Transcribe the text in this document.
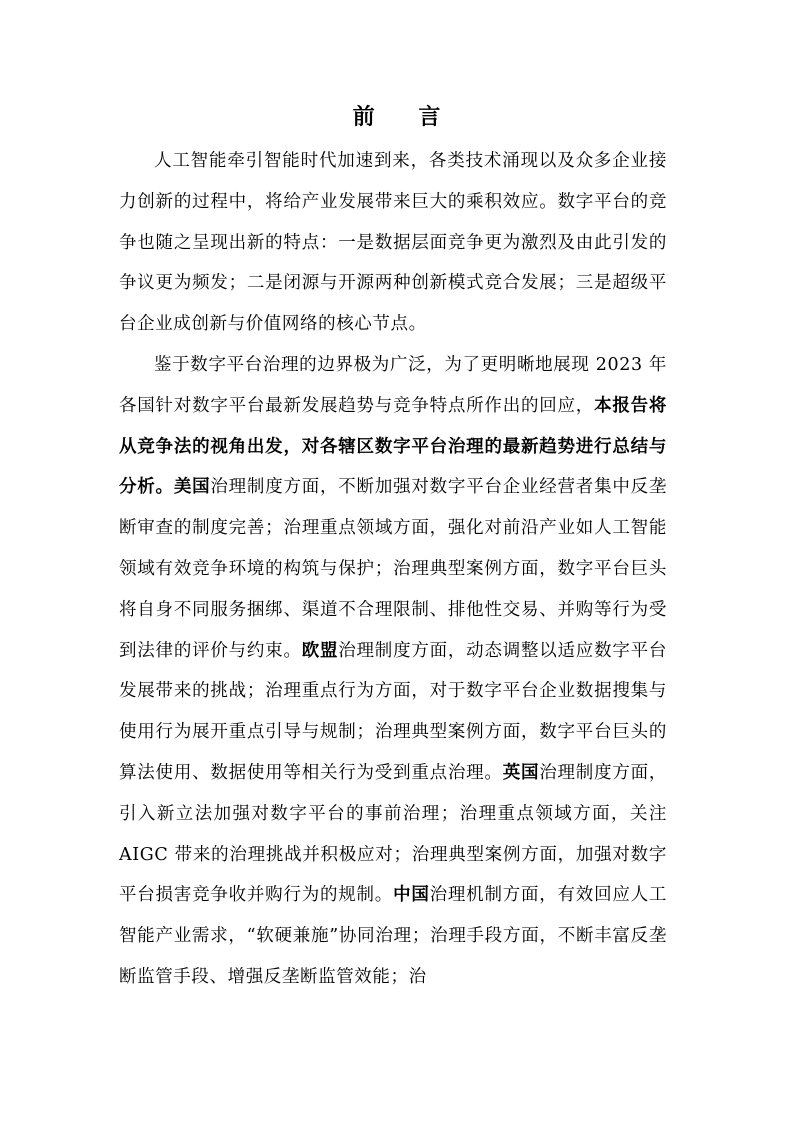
前 言

人工智能牵引智能时代加速到来，各类技术涌现以及众多企业接力创新的过程中，将给产业发展带来巨大的乘积效应。数字平台的竞争也随之呈现出新的特点：一是数据层面竞争更为激烈及由此引发的争议更为频发；二是闭源与开源两种创新模式竞合发展；三是超级平台企业成创新与价值网络的核心节点。

鉴于数字平台治理的边界极为广泛，为了更明晰地展现 2023 年各国针对数字平台最新发展趋势与竞争特点所作出的回应，本报告将从竞争法的视角出发，对各辖区数字平台治理的最新趋势进行总结与分析。美国治理制度方面，不断加强对数字平台企业经营者集中反垄断审查的制度完善；治理重点领域方面，强化对前沿产业如人工智能领域有效竞争环境的构筑与保护；治理典型案例方面，数字平台巨头将自身不同服务捆绑、渠道不合理限制、排他性交易、并购等行为受到法律的评价与约束。欧盟治理制度方面，动态调整以适应数字平台发展带来的挑战；治理重点行为方面，对于数字平台企业数据搜集与使用行为展开重点引导与规制；治理典型案例方面，数字平台巨头的算法使用、数据使用等相关行为受到重点治理。英国治理制度方面，引入新立法加强对数字平台的事前治理；治理重点领域方面，关注 AIGC 带来的治理挑战并积极应对；治理典型案例方面，加强对数字平台损害竞争收并购行为的规制。中国治理机制方面，有效回应人工智能产业需求，“软硬兼施”协同治理；治理手段方面，不断丰富反垄断监管手段、增强反垄断监管效能；治
